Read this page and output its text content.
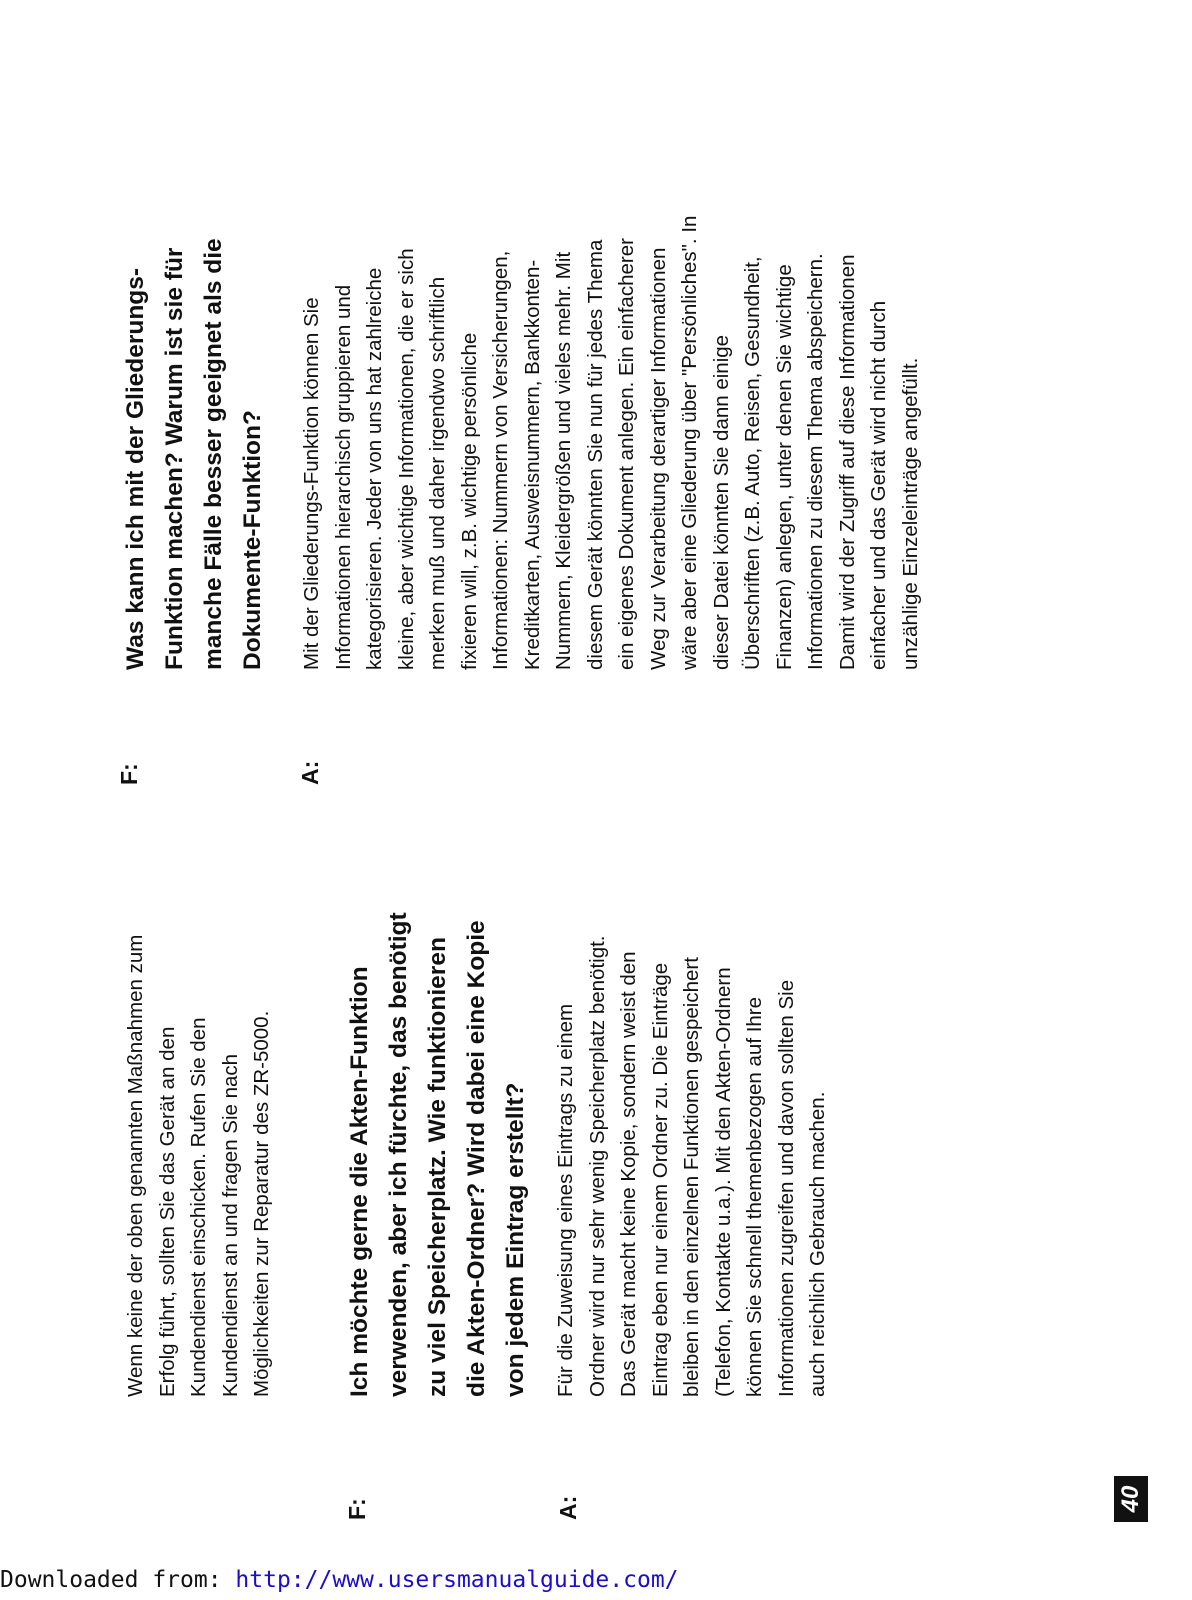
Wenn keine der oben genannten Maßnahmen zum Erfolg führt, sollten Sie das Gerät an den Kundendienst einschicken. Rufen Sie den Kundendienst an und fragen Sie nach Möglichkeiten zur Reparatur des ZR-5000.
F:
Ich möchte gerne die Akten-Funktion verwenden, aber ich fürchte, das benötigt zu viel Speicherplatz. Wie funktionieren die Akten-Ordner? Wird dabei eine Kopie von jedem Eintrag erstellt?
A:
Für die Zuweisung eines Eintrags zu einem Ordner wird nur sehr wenig Speicherplatz benötigt. Das Gerät macht keine Kopie, sondern weist den Eintrag eben nur einem Ordner zu. Die Einträge bleiben in den einzelnen Funktionen gespeichert (Telefon, Kontakte u.a.). Mit den Akten-Ordnern können Sie schnell themenbezogen auf Ihre Informationen zugreifen und davon sollten Sie auch reichlich Gebrauch machen.
F:
Was kann ich mit der Gliederungs- Funktion machen? Warum ist sie für manche Fälle besser geeignet als die Dokumente-Funktion?
A:
Mit der Gliederungs-Funktion können Sie Informationen hierarchisch gruppieren und kategorisieren. Jeder von uns hat zahlreiche kleine, aber wichtige Informationen, die er sich merken muß und daher irgendwo schriftlich fixieren will, z.B. wichtige persönliche Informationen: Nummern von Versicherungen, Kreditkarten, Ausweisnummern, Bankkonten- Nummern, Kleidergrößen und vieles mehr. Mit diesem Gerät könnten Sie nun für jedes Thema ein eigenes Dokument anlegen. Ein einfacherer Weg zur Verarbeitung derartiger Informationen wäre aber eine Gliederung über "Persönliches". In dieser Datei könnten Sie dann einige Überschriften (z.B. Auto, Reisen, Gesundheit, Finanzen) anlegen, unter denen Sie wichtige Informationen zu diesem Thema abspeichern. Damit wird der Zugriff auf diese Informationen einfacher und das Gerät wird nicht durch unzählige Einzeleinträge angefüllt.
40
Downloaded from: http://www.usersmanualguide.com/
